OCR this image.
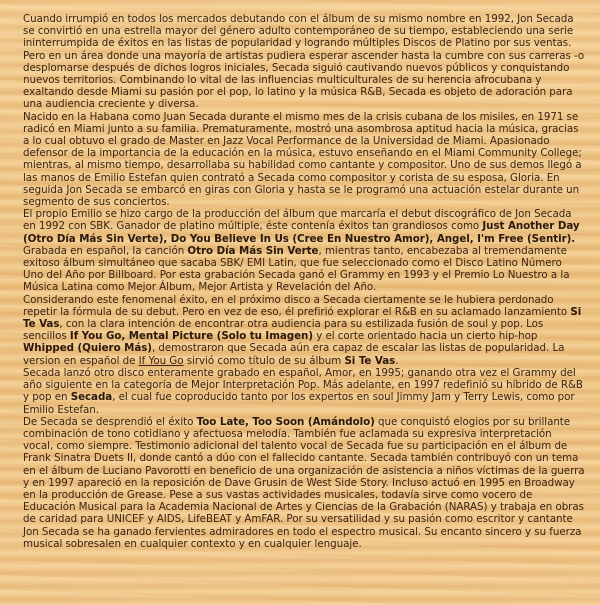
Cuando irrumpió en todos los mercados debutando con el álbum de su mismo nombre en 1992, Jon Secada se convirtió en una estrella mayor del género adulto contemporáneo de su tiempo, estableciendo una serie ininterrumpida de éxitos en las listas de popularidad y logrando múltiples Discos de Platino por sus ventas. Pero en un área donde una mayoría de artistas pudiera esperar ascender hasta la cumbre con sus carreras -o desplomarse después de dichos logros iniciales, Secada siguió cautivando nuevos públicos y conquistando nuevos territorios. Combinando lo vital de las influencias multiculturales de su herencia afrocubana y exaltando desde Miami su pasión por el pop, lo latino y la música R&B, Secada es objeto de adoración para una audiencia creciente y diversa.

Nacido en la Habana como Juan Secada durante el mismo mes de la crisis cubana de los misiles, en 1971 se radicó en Miami junto a su familia. Prematuramente, mostró una asombrosa aptitud hacia la música, gracias a lo cual obtuvo el grado de Master en Jazz Vocal Performance de la Universidad de Miami. Apasionado defensor de la importancia de la educación en la música, estuvo enseñando en el Miami Community College; mientras, al mismo tiempo, desarrollaba su habilidad como cantante y compositor. Uno de sus demos llegó a las manos de Emilio Estefan quien contrató a Secada como compositor y corista de su esposa, Gloria. En seguida Jon Secada se embarcó en giras con Gloria y hasta se le programó una actuación estelar durante un segmento de sus conciertos.

El propio Emilio se hizo cargo de la producción del álbum que marcaría el debut discográfico de Jon Secada en 1992 con SBK. Ganador de platino múltiple, éste contenía éxitos tan grandiosos como Just Another Day (Otro Día Más Sin Verte), Do You Believe In Us (Cree En Nuestro Amor), Angel, I'm Free (Sentir). Grabada en español, la canción Otro Día Más Sin Verte, mientras tanto, encabezaba al tremendamente exitoso álbum simultáneo que sacaba SBK/ EMI Latin, que fue seleccionado como el Disco Latino Número Uno del Año por Billboard. Por esta grabación Secada ganó el Grammy en 1993 y el Premio Lo Nuestro a la Música Latina como Mejor Álbum, Mejor Artista y Revelación del Año.

Considerando este fenomenal éxito, en el próximo disco a Secada ciertamente se le hubiera perdonado repetir la fórmula de su debut. Pero en vez de eso, él prefirió explorar el R&B en su aclamado lanzamiento Si Te Vas, con la clara intención de encontrar otra audiencia para su estilizada fusión de soul y pop. Los sencillos If You Go, Mental Picture (Solo tu Imagen) y el corte orientado hacia un cierto hip-hop Whipped (Quiero Más), demostraron que Secada aún era capaz de escalar las listas de popularidad. La version en español de If You Go sirvió como título de su álbum Si Te Vas.

Secada lanzó otro disco enteramente grabado en español, Amor, en 1995; ganando otra vez el Grammy del año siguiente en la categoría de Mejor Interpretación Pop. Más adelante, en 1997 redefinió su híbrido de R&B y pop en Secada, el cual fue coproducido tanto por los expertos en soul Jimmy Jam y Terry Lewis, como por Emilio Estefan.

De Secada se desprendió el éxito Too Late, Too Soon (Amándolo) que conquistó elogios por su brillante combinación de tono cotidiano y afectuosa melodía. También fue aclamada su expresiva interpretación vocal, como siempre. Testimonio adicional del talento vocal de Secada fue su participación en el álbum de Frank Sinatra Duets II, donde cantó a dúo con el fallecido cantante. Secada también contribuyó con un tema en el álbum de Luciano Pavorotti en beneficio de una organización de asistencia a niños víctimas de la guerra y en 1997 apareció en la reposición de Dave Grusin de West Side Story. Incluso actuó en 1995 en Broadway en la producción de Grease. Pese a sus vastas actividades musicales, todavía sirve como vocero de Educación Musical para la Academia Nacional de Artes y Ciencias de la Grabación (NARAS) y trabaja en obras de caridad para UNICEF y AIDS, LifeBEAT y AmFAR. Por su versatilidad y su pasión como escritor y cantante Jon Secada se ha ganado fervientes admiradores en todo el espectro musical. Su encanto sincero y su fuerza musical sobresalen en cualquier contexto y en cualquier lenguaje.
